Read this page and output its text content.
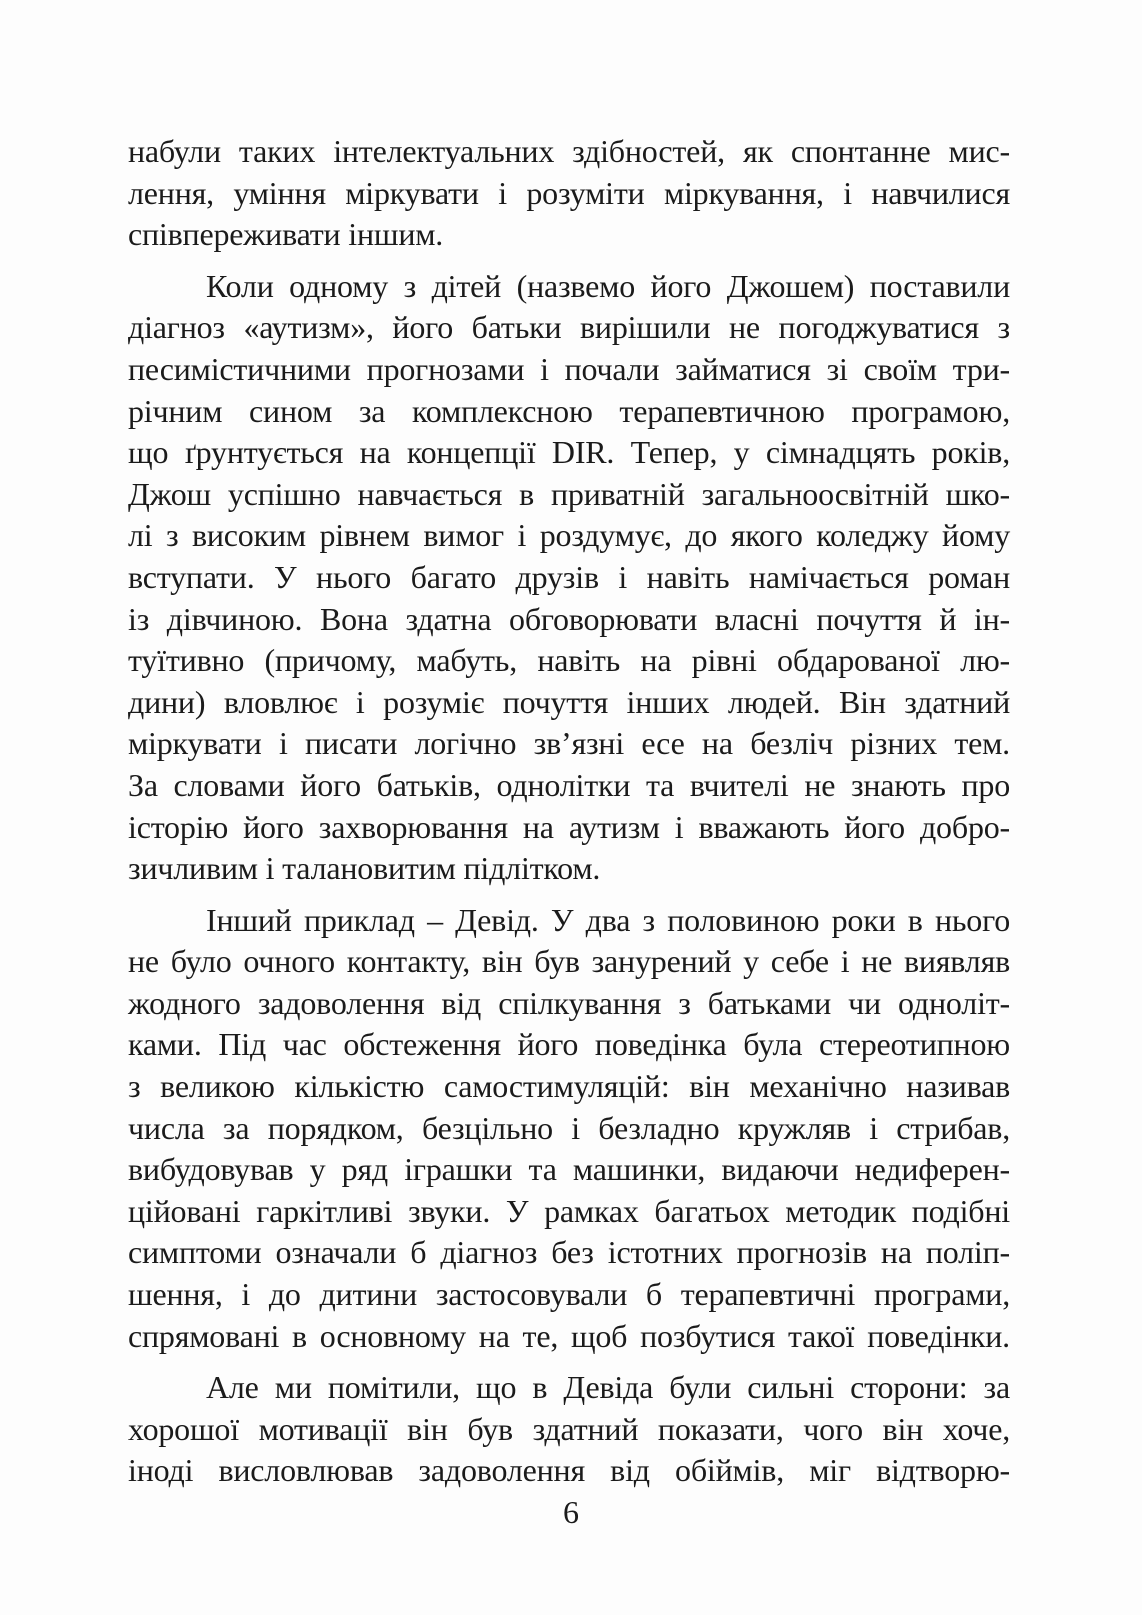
набули таких інтелектуальних здібностей, як спонтанне мис-
лення, уміння міркувати і розуміти міркування, і навчилися
співпереживати іншим.
Коли одному з дітей (назвемо його Джошем) поставили
діагноз «аутизм», його батьки вирішили не погоджуватися з
песимістичними прогнозами і почали займатися зі своїм три-
річним сином за комплексною терапевтичною програмою,
що ґрунтується на концепції DIR. Тепер, у сімнадцять років,
Джош успішно навчається в приватній загальноосвітній шко-
лі з високим рівнем вимог і роздумує, до якого коледжу йому
вступати. У нього багато друзів і навіть намічається роман
із дівчиною. Вона здатна обговорювати власні почуття й ін-
туїтивно (причому, мабуть, навіть на рівні обдарованої лю-
дини) вловлює і розуміє почуття інших людей. Він здатний
міркувати і писати логічно зв’язні есе на безліч різних тем.
За словами його батьків, однолітки та вчителі не знають про
історію його захворювання на аутизм і вважають його добро-
зичливим і талановитим підлітком.
Інший приклад – Девід. У два з половиною роки в нього
не було очного контакту, він був занурений у себе і не виявляв
жодного задоволення від спілкування з батьками чи одноліт-
ками. Під час обстеження його поведінка була стереотипною
з великою кількістю самостимуляцій: він механічно називав
числа за порядком, безцільно і безладно кружляв і стрибав,
вибудовував у ряд іграшки та машинки, видаючи недиферен-
ційовані гаркітливі звуки. У рамках багатьох методик подібні
симптоми означали б діагноз без істотних прогнозів на поліп-
шення, і до дитини застосовували б терапевтичні програми,
спрямовані в основному на те, щоб позбутися такої поведінки.
Але ми помітили, що в Девіда були сильні сторони: за
хорошої мотивації він був здатний показати, чого він хоче,
іноді висловлював задоволення від обіймів, міг відтворю-
6
